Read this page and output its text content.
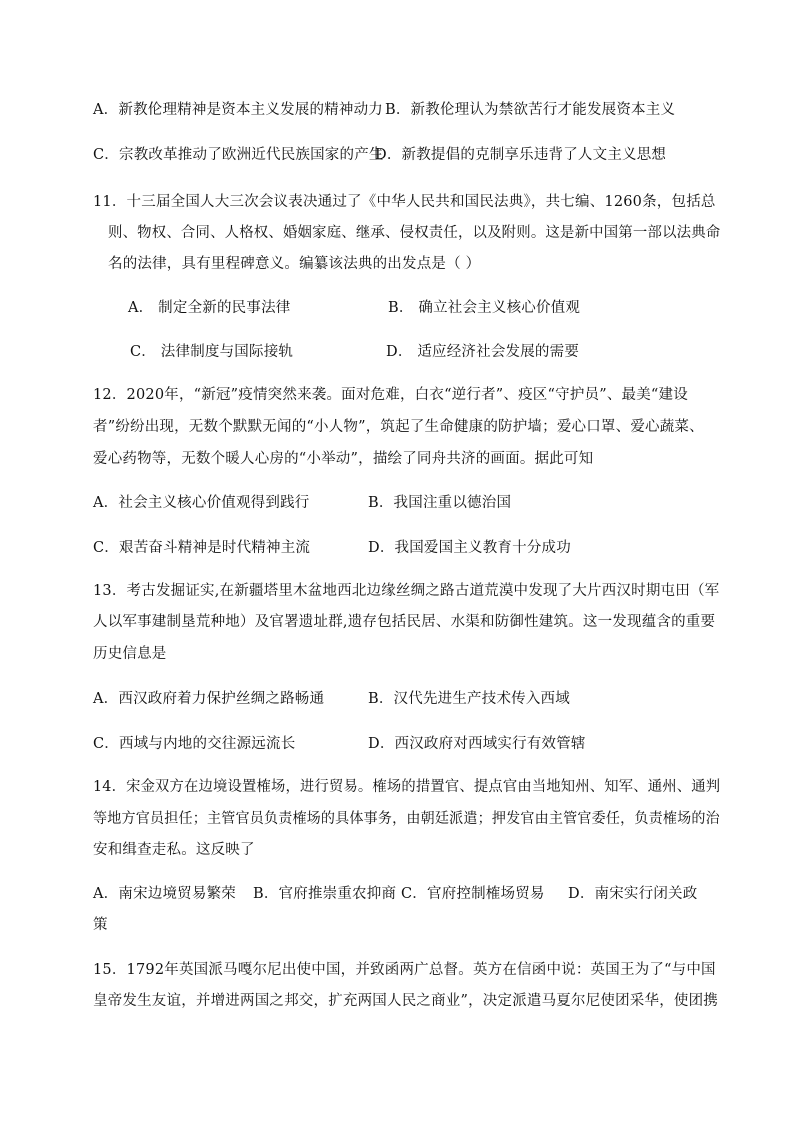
A．新教伦理精神是资本主义发展的精神动力 B．新教伦理认为禁欲苦行才能发展资本主义
C．宗教改革推动了欧洲近代民族国家的产生
D．新教提倡的克制享乐违背了人文主义思想
11．十三届全国人大三次会议表决通过了《中华人民共和国民法典》，共七编、1260条，包括总
则、物权、合同、人格权、婚姻家庭、继承、侵权责任，以及附则。这是新中国第一部以法典命
名的法律，具有里程碑意义。编纂该法典的出发点是（ ）
A． 制定全新的民事法律	B． 确立社会主义核心价值观
C． 法律制度与国际接轨	D． 适应经济社会发展的需要
12．2020年，“新冠”疫情突然来袭。面对危难，白衣“逆行者”、疫区“守护员”、最美“建设
者”纷纷出现，无数个默默无闻的“小人物”，筑起了生命健康的防护墙；爱心口罩、爱心蔬菜、
爱心药物等，无数个暖人心房的“小举动”，描绘了同舟共济的画面。据此可知
A．社会主义核心价值观得到践行	B．我国注重以德治国
C．艰苦奋斗精神是时代精神主流	D．我国爱国主义教育十分成功
13．考古发掘证实,在新疆塔里木盆地西北边缘丝绸之路古道荒漠中发现了大片西汉时期屯田（军
人以军事建制垦荒种地）及官署遗址群,遗存包括民居、水渠和防御性建筑。这一发现蕴含的重要
历史信息是
A．西汉政府着力保护丝绸之路畅通	B．汉代先进生产技术传入西域
C．西域与内地的交往源远流长	D．西汉政府对西域实行有效管辖
14．宋金双方在边境设置榷场，进行贸易。榷场的措置官、提点官由当地知州、知军、通州、通判
等地方官员担任；主管官员负责榷场的具体事务，由朝廷派遣；押发官由主管官委任，负责榷场的治
安和缉查走私。这反映了
A．南宋边境贸易繁荣 B．官府推崇重农抑商 C．官府控制榷场贸易 D．南宋实行闭关政
策
15．1792年英国派马嘎尔尼出使中国，并致函两广总督。英方在信函中说：英国王为了“与中国
皇帝发生友谊，并增进两国之邦交，扩充两国人民之商业”，决定派遣马夏尔尼使团采华，使团携
